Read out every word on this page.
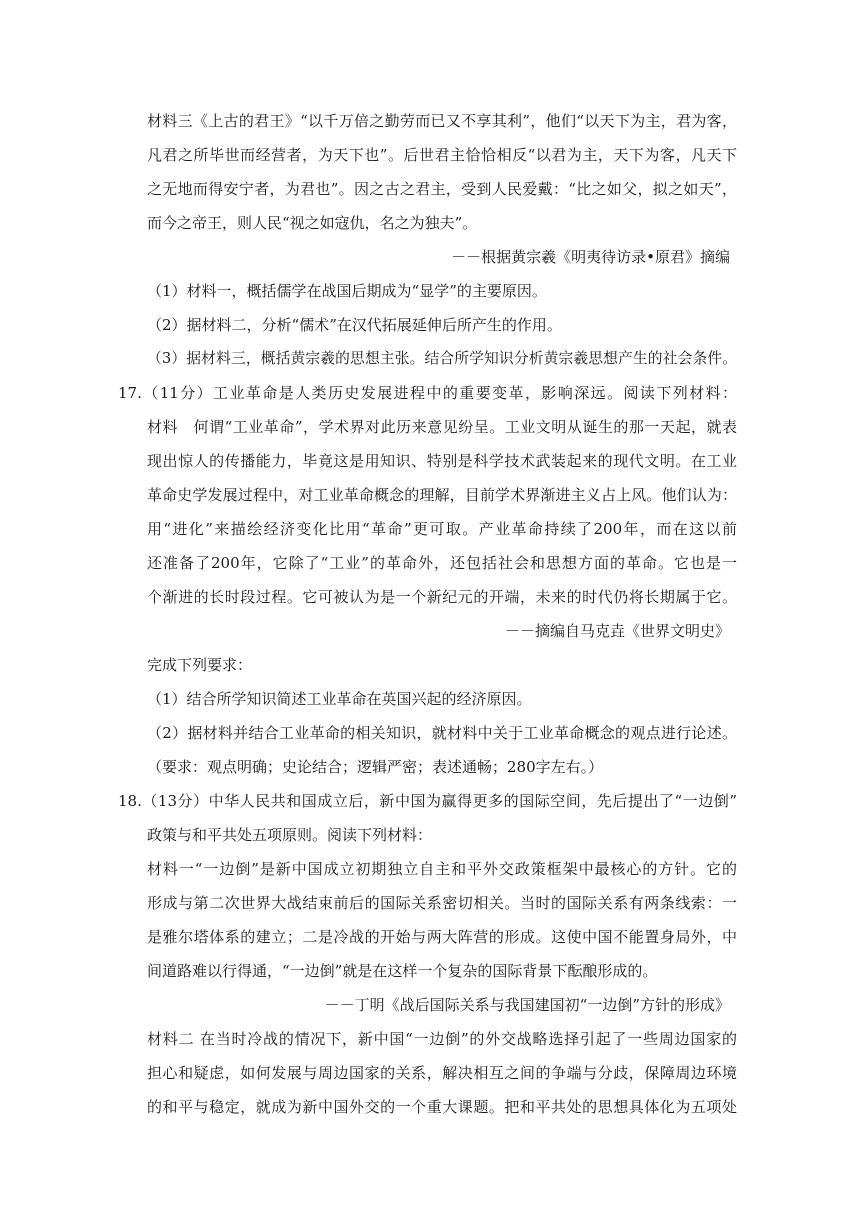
材料三《上古的君王》“以千万倍之勤劳而已又不享其利”，他们“以天下为主，君为客，
凡君之所毕世而经营者，为天下也”。后世君主恰恰相反“以君为主，天下为客，凡天下
之无地而得安宁者，为君也”。因之古之君主，受到人民爱戴：“比之如父，拟之如天”，
而今之帝王，则人民“视之如寇仇，名之为独夫”。
－－根据黄宗羲《明夷待访录•原君》摘编
（1）材料一，概括儒学在战国后期成为“显学”的主要原因。
（2）据材料二，分析“儒术”在汉代拓展延伸后所产生的作用。
（3）据材料三，概括黄宗羲的思想主张。结合所学知识分析黄宗羲思想产生的社会条件。
17.（11分）工业革命是人类历史发展进程中的重要变革，影响深远。阅读下列材料：
材料　何谓“工业革命”，学术界对此历来意见纷呈。工业文明从诞生的那一天起，就表
现出惊人的传播能力，毕竟这是用知识、特别是科学技术武装起来的现代文明。在工业
革命史学发展过程中，对工业革命概念的理解，目前学术界渐进主义占上风。他们认为：
用“进化”来描绘经济变化比用“革命”更可取。产业革命持续了200年，而在这以前
还准备了200年，它除了“工业”的革命外，还包括社会和思想方面的革命。它也是一
个渐进的长时段过程。它可被认为是一个新纪元的开端，未来的时代仍将长期属于它。
－－摘编自马克垚《世界文明史》
完成下列要求：
（1）结合所学知识简述工业革命在英国兴起的经济原因。
（2）据材料并结合工业革命的相关知识，就材料中关于工业革命概念的观点进行论述。
（要求：观点明确；史论结合；逻辑严密；表述通畅；280字左右。）
18.（13分）中华人民共和国成立后，新中国为赢得更多的国际空间，先后提出了“一边倒”
政策与和平共处五项原则。阅读下列材料：
材料一“一边倒”是新中国成立初期独立自主和平外交政策框架中最核心的方针。它的
形成与第二次世界大战结束前后的国际关系密切相关。当时的国际关系有两条线索：一
是雅尔塔体系的建立；二是冷战的开始与两大阵营的形成。这使中国不能置身局外，中
间道路难以行得通，“一边倒”就是在这样一个复杂的国际背景下酝酿形成的。
－－丁明《战后国际关系与我国建国初“一边倒”方针的形成》
材料二 在当时冷战的情况下，新中国“一边倒”的外交战略选择引起了一些周边国家的
担心和疑虑，如何发展与周边国家的关系，解决相互之间的争端与分歧，保障周边环境
的和平与稳定，就成为新中国外交的一个重大课题。把和平共处的思想具体化为五项处
